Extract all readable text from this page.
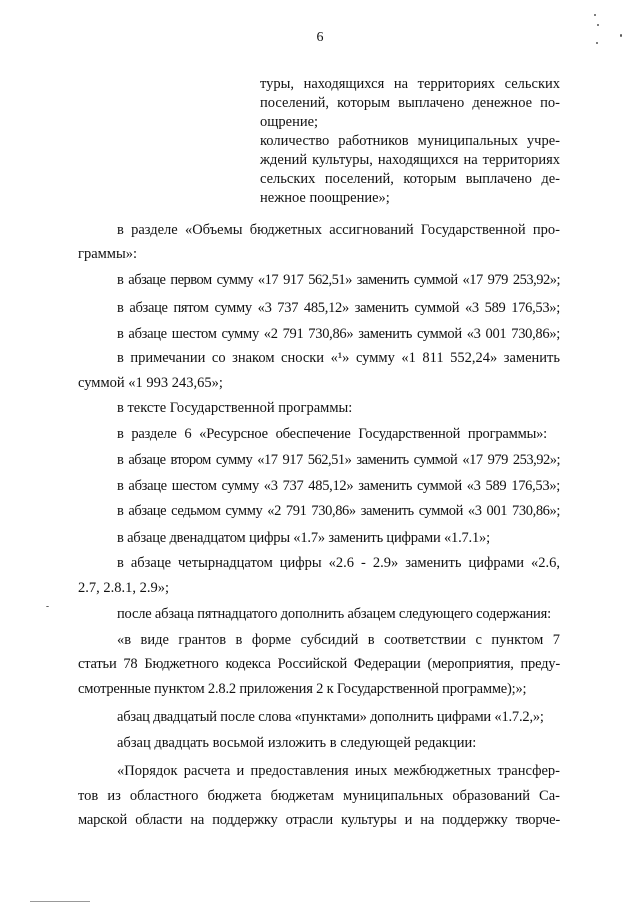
6
туры, находящихся на территориях сельских
поселений, которым выплачено денежное по-
ощрение;
количество работников муниципальных учре-
ждений культуры, находящихся на территориях
сельских поселений, которым выплачено де-
нежное поощрение»;
в разделе «Объемы бюджетных ассигнований Государственной про-
граммы»:
в абзаце первом сумму «17 917 562,51» заменить суммой «17 979 253,92»;
в абзаце пятом сумму «3 737 485,12» заменить суммой «3 589 176,53»;
в абзаце шестом сумму «2 791 730,86» заменить суммой «3 001 730,86»;
в примечании со знаком сноски «¹» сумму «1 811 552,24» заменить
суммой «1 993 243,65»;
в тексте Государственной программы:
в разделе 6 «Ресурсное обеспечение Государственной программы»:
в абзаце втором сумму «17 917 562,51» заменить суммой «17 979 253,92»;
в абзаце шестом сумму «3 737 485,12» заменить суммой «3 589 176,53»;
в абзаце седьмом сумму «2 791 730,86» заменить суммой «3 001 730,86»;
в абзаце двенадцатом цифры «1.7» заменить цифрами «1.7.1»;
в абзаце четырнадцатом цифры «2.6 - 2.9» заменить цифрами «2.6,
2.7, 2.8.1, 2.9»;
после абзаца пятнадцатого дополнить абзацем следующего содержания:
«в виде грантов в форме субсидий в соответствии с пунктом 7
статьи 78 Бюджетного кодекса Российской Федерации (мероприятия, преду-
смотренные пунктом 2.8.2 приложения 2 к Государственной программе);»;
абзац двадцатый после слова «пунктами» дополнить цифрами «1.7.2,»;
абзац двадцать восьмой изложить в следующей редакции:
«Порядок расчета и предоставления иных межбюджетных трансфер-
тов из областного бюджета бюджетам муниципальных образований Са-
марской области на поддержку отрасли культуры и на поддержку творче-
